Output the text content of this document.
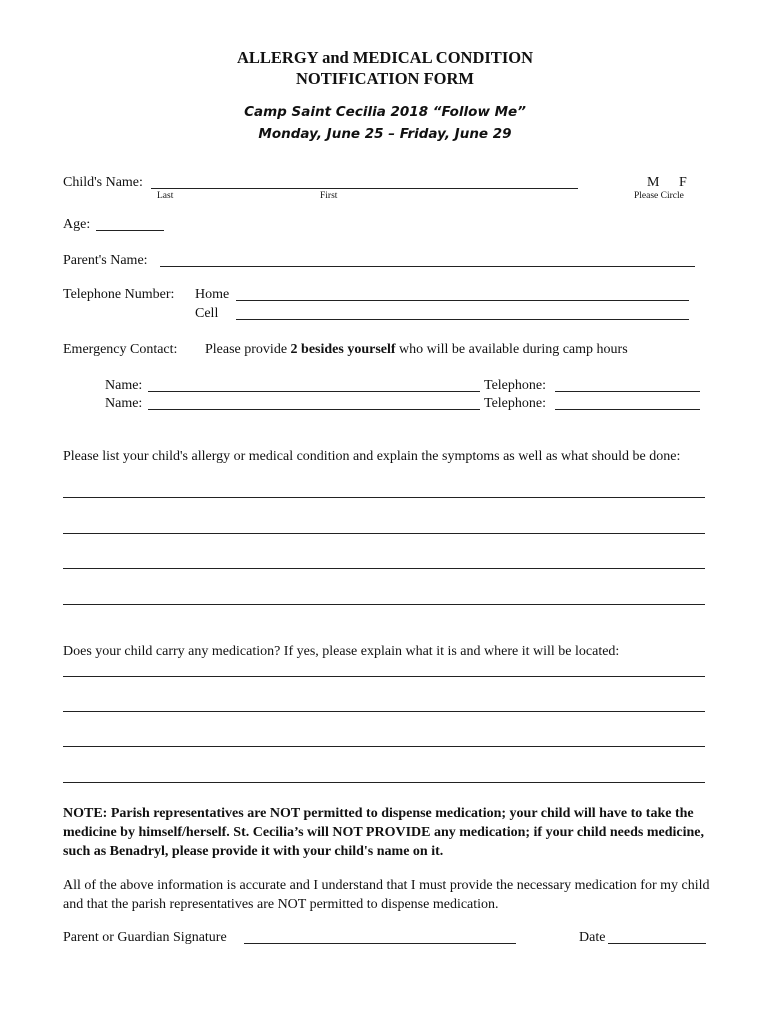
ALLERGY and MEDICAL CONDITION
NOTIFICATION FORM
Camp Saint Cecilia 2018 “Follow Me”
Monday, June 25 – Friday, June 29
Child's Name:
Last	First
M F
Please Circle
Age:
Parent's Name:
Telephone Number: Home
Cell
Emergency Contact: Please provide 2 besides yourself who will be available during camp hours
Name:	Telephone:
Name:	Telephone:
Please list your child's allergy or medical condition and explain the symptoms as well as what should be done:
Does your child carry any medication? If yes, please explain what it is and where it will be located:
NOTE: Parish representatives are NOT permitted to dispense medication; your child will have to take the medicine by himself/herself. St. Cecilia’s will NOT PROVIDE any medication; if your child needs medicine, such as Benadryl, please provide it with your child's name on it.
All of the above information is accurate and I understand that I must provide the necessary medication for my child and that the parish representatives are NOT permitted to dispense medication.
Parent or Guardian Signature	Date
